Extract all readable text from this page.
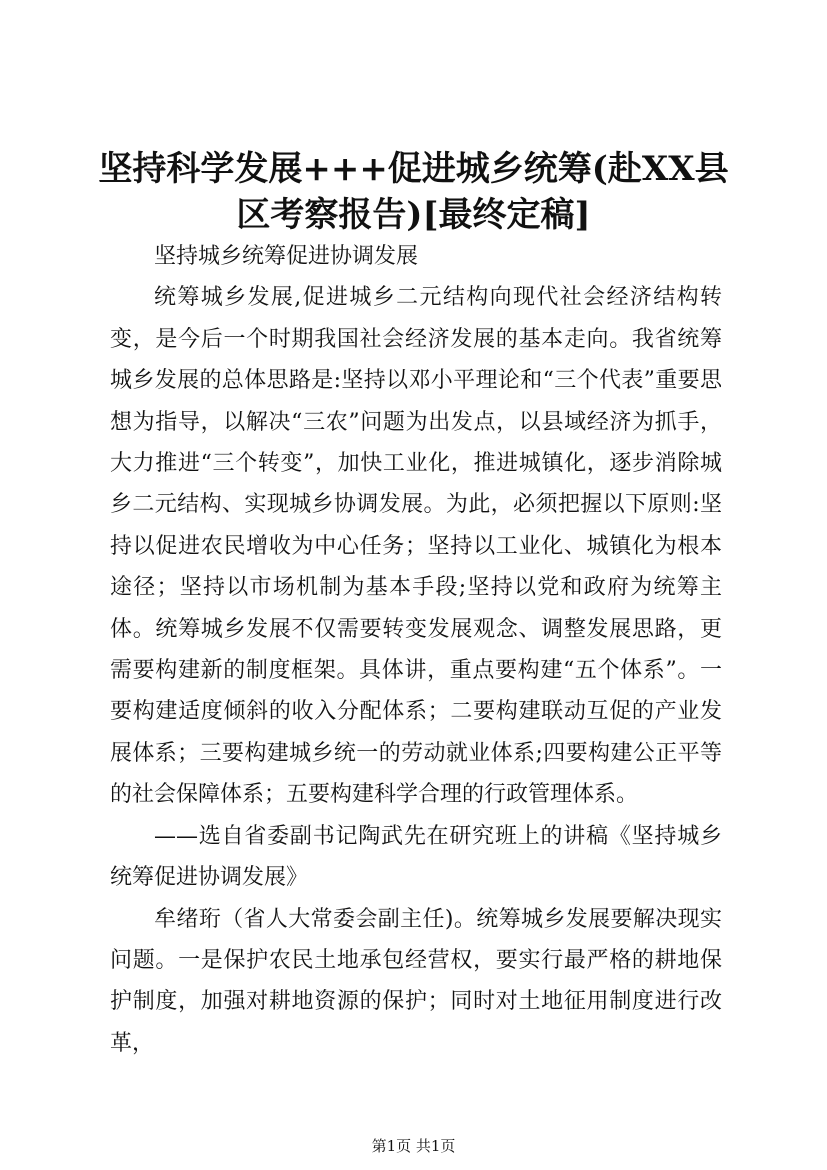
坚持科学发展+++促进城乡统筹(赴XX县区考察报告)[最终定稿]

坚持城乡统筹促进协调发展

统筹城乡发展,促进城乡二元结构向现代社会经济结构转变，是今后一个时期我国社会经济发展的基本走向。我省统筹城乡发展的总体思路是:坚持以邓小平理论和“三个代表”重要思想为指导，以解决“三农”问题为出发点，以县域经济为抓手，大力推进“三个转变”，加快工业化，推进城镇化，逐步消除城乡二元结构、实现城乡协调发展。为此，必须把握以下原则:坚持以促进农民增收为中心任务；坚持以工业化、城镇化为根本途径；坚持以市场机制为基本手段;坚持以党和政府为统筹主体。统筹城乡发展不仅需要转变发展观念、调整发展思路，更需要构建新的制度框架。具体讲，重点要构建“五个体系”。一要构建适度倾斜的收入分配体系；二要构建联动互促的产业发展体系；三要构建城乡统一的劳动就业体系;四要构建公正平等的社会保障体系；五要构建科学合理的行政管理体系。

——选自省委副书记陶武先在研究班上的讲稿《坚持城乡统筹促进协调发展》

牟绪珩（省人大常委会副主任)。统筹城乡发展要解决现实问题。一是保护农民土地承包经营权，要实行最严格的耕地保护制度，加强对耕地资源的保护；同时对土地征用制度进行改革，

第1页 共1页
